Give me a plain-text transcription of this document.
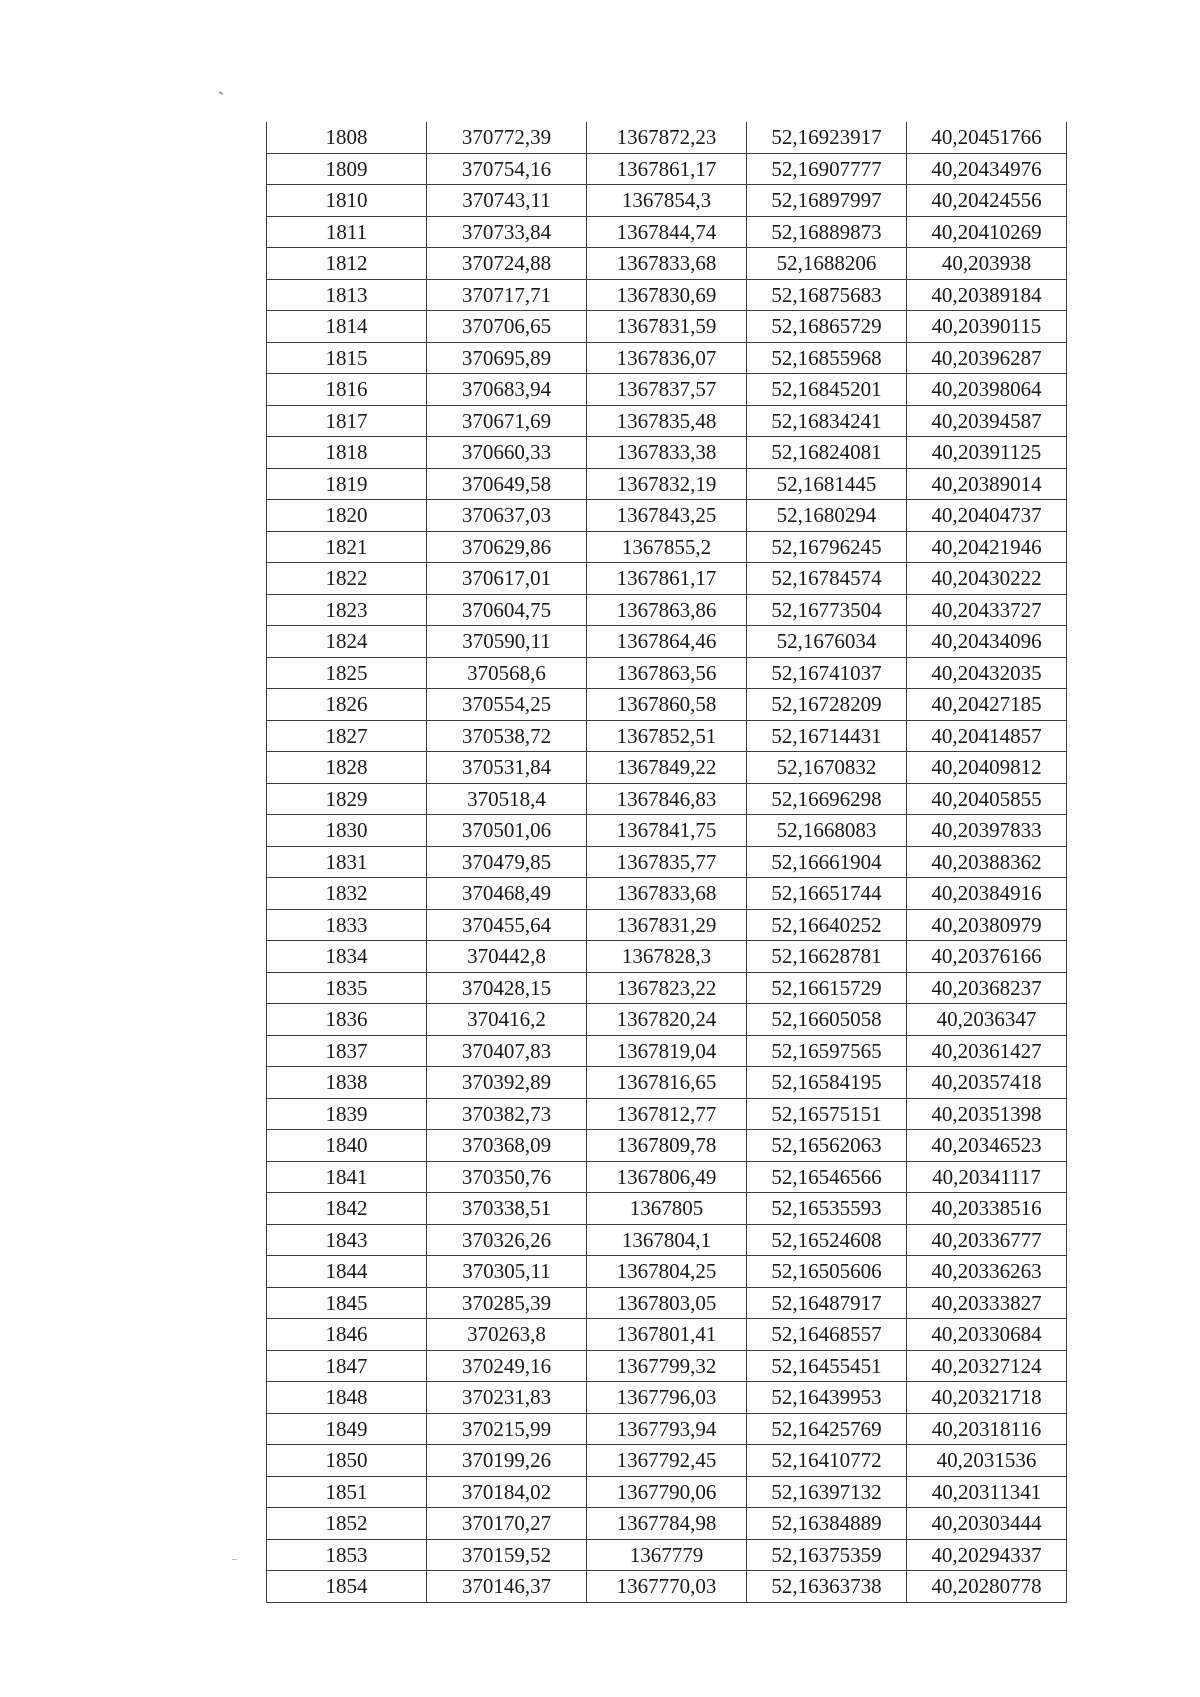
1808	370772,39	1367872,23	52,16923917	40,20451766
1809	370754,16	1367861,17	52,16907777	40,20434976
1810	370743,11	1367854,3	52,16897997	40,20424556
1811	370733,84	1367844,74	52,16889873	40,20410269
1812	370724,88	1367833,68	52,1688206	40,203938
1813	370717,71	1367830,69	52,16875683	40,20389184
1814	370706,65	1367831,59	52,16865729	40,20390115
1815	370695,89	1367836,07	52,16855968	40,20396287
1816	370683,94	1367837,57	52,16845201	40,20398064
1817	370671,69	1367835,48	52,16834241	40,20394587
1818	370660,33	1367833,38	52,16824081	40,20391125
1819	370649,58	1367832,19	52,1681445	40,20389014
1820	370637,03	1367843,25	52,1680294	40,20404737
1821	370629,86	1367855,2	52,16796245	40,20421946
1822	370617,01	1367861,17	52,16784574	40,20430222
1823	370604,75	1367863,86	52,16773504	40,20433727
1824	370590,11	1367864,46	52,1676034	40,20434096
1825	370568,6	1367863,56	52,16741037	40,20432035
1826	370554,25	1367860,58	52,16728209	40,20427185
1827	370538,72	1367852,51	52,16714431	40,20414857
1828	370531,84	1367849,22	52,1670832	40,20409812
1829	370518,4	1367846,83	52,16696298	40,20405855
1830	370501,06	1367841,75	52,1668083	40,20397833
1831	370479,85	1367835,77	52,16661904	40,20388362
1832	370468,49	1367833,68	52,16651744	40,20384916
1833	370455,64	1367831,29	52,16640252	40,20380979
1834	370442,8	1367828,3	52,16628781	40,20376166
1835	370428,15	1367823,22	52,16615729	40,20368237
1836	370416,2	1367820,24	52,16605058	40,2036347
1837	370407,83	1367819,04	52,16597565	40,20361427
1838	370392,89	1367816,65	52,16584195	40,20357418
1839	370382,73	1367812,77	52,16575151	40,20351398
1840	370368,09	1367809,78	52,16562063	40,20346523
1841	370350,76	1367806,49	52,16546566	40,20341117
1842	370338,51	1367805	52,16535593	40,20338516
1843	370326,26	1367804,1	52,16524608	40,20336777
1844	370305,11	1367804,25	52,16505606	40,20336263
1845	370285,39	1367803,05	52,16487917	40,20333827
1846	370263,8	1367801,41	52,16468557	40,20330684
1847	370249,16	1367799,32	52,16455451	40,20327124
1848	370231,83	1367796,03	52,16439953	40,20321718
1849	370215,99	1367793,94	52,16425769	40,20318116
1850	370199,26	1367792,45	52,16410772	40,2031536
1851	370184,02	1367790,06	52,16397132	40,20311341
1852	370170,27	1367784,98	52,16384889	40,20303444
1853	370159,52	1367779	52,16375359	40,20294337
1854	370146,37	1367770,03	52,16363738	40,20280778
